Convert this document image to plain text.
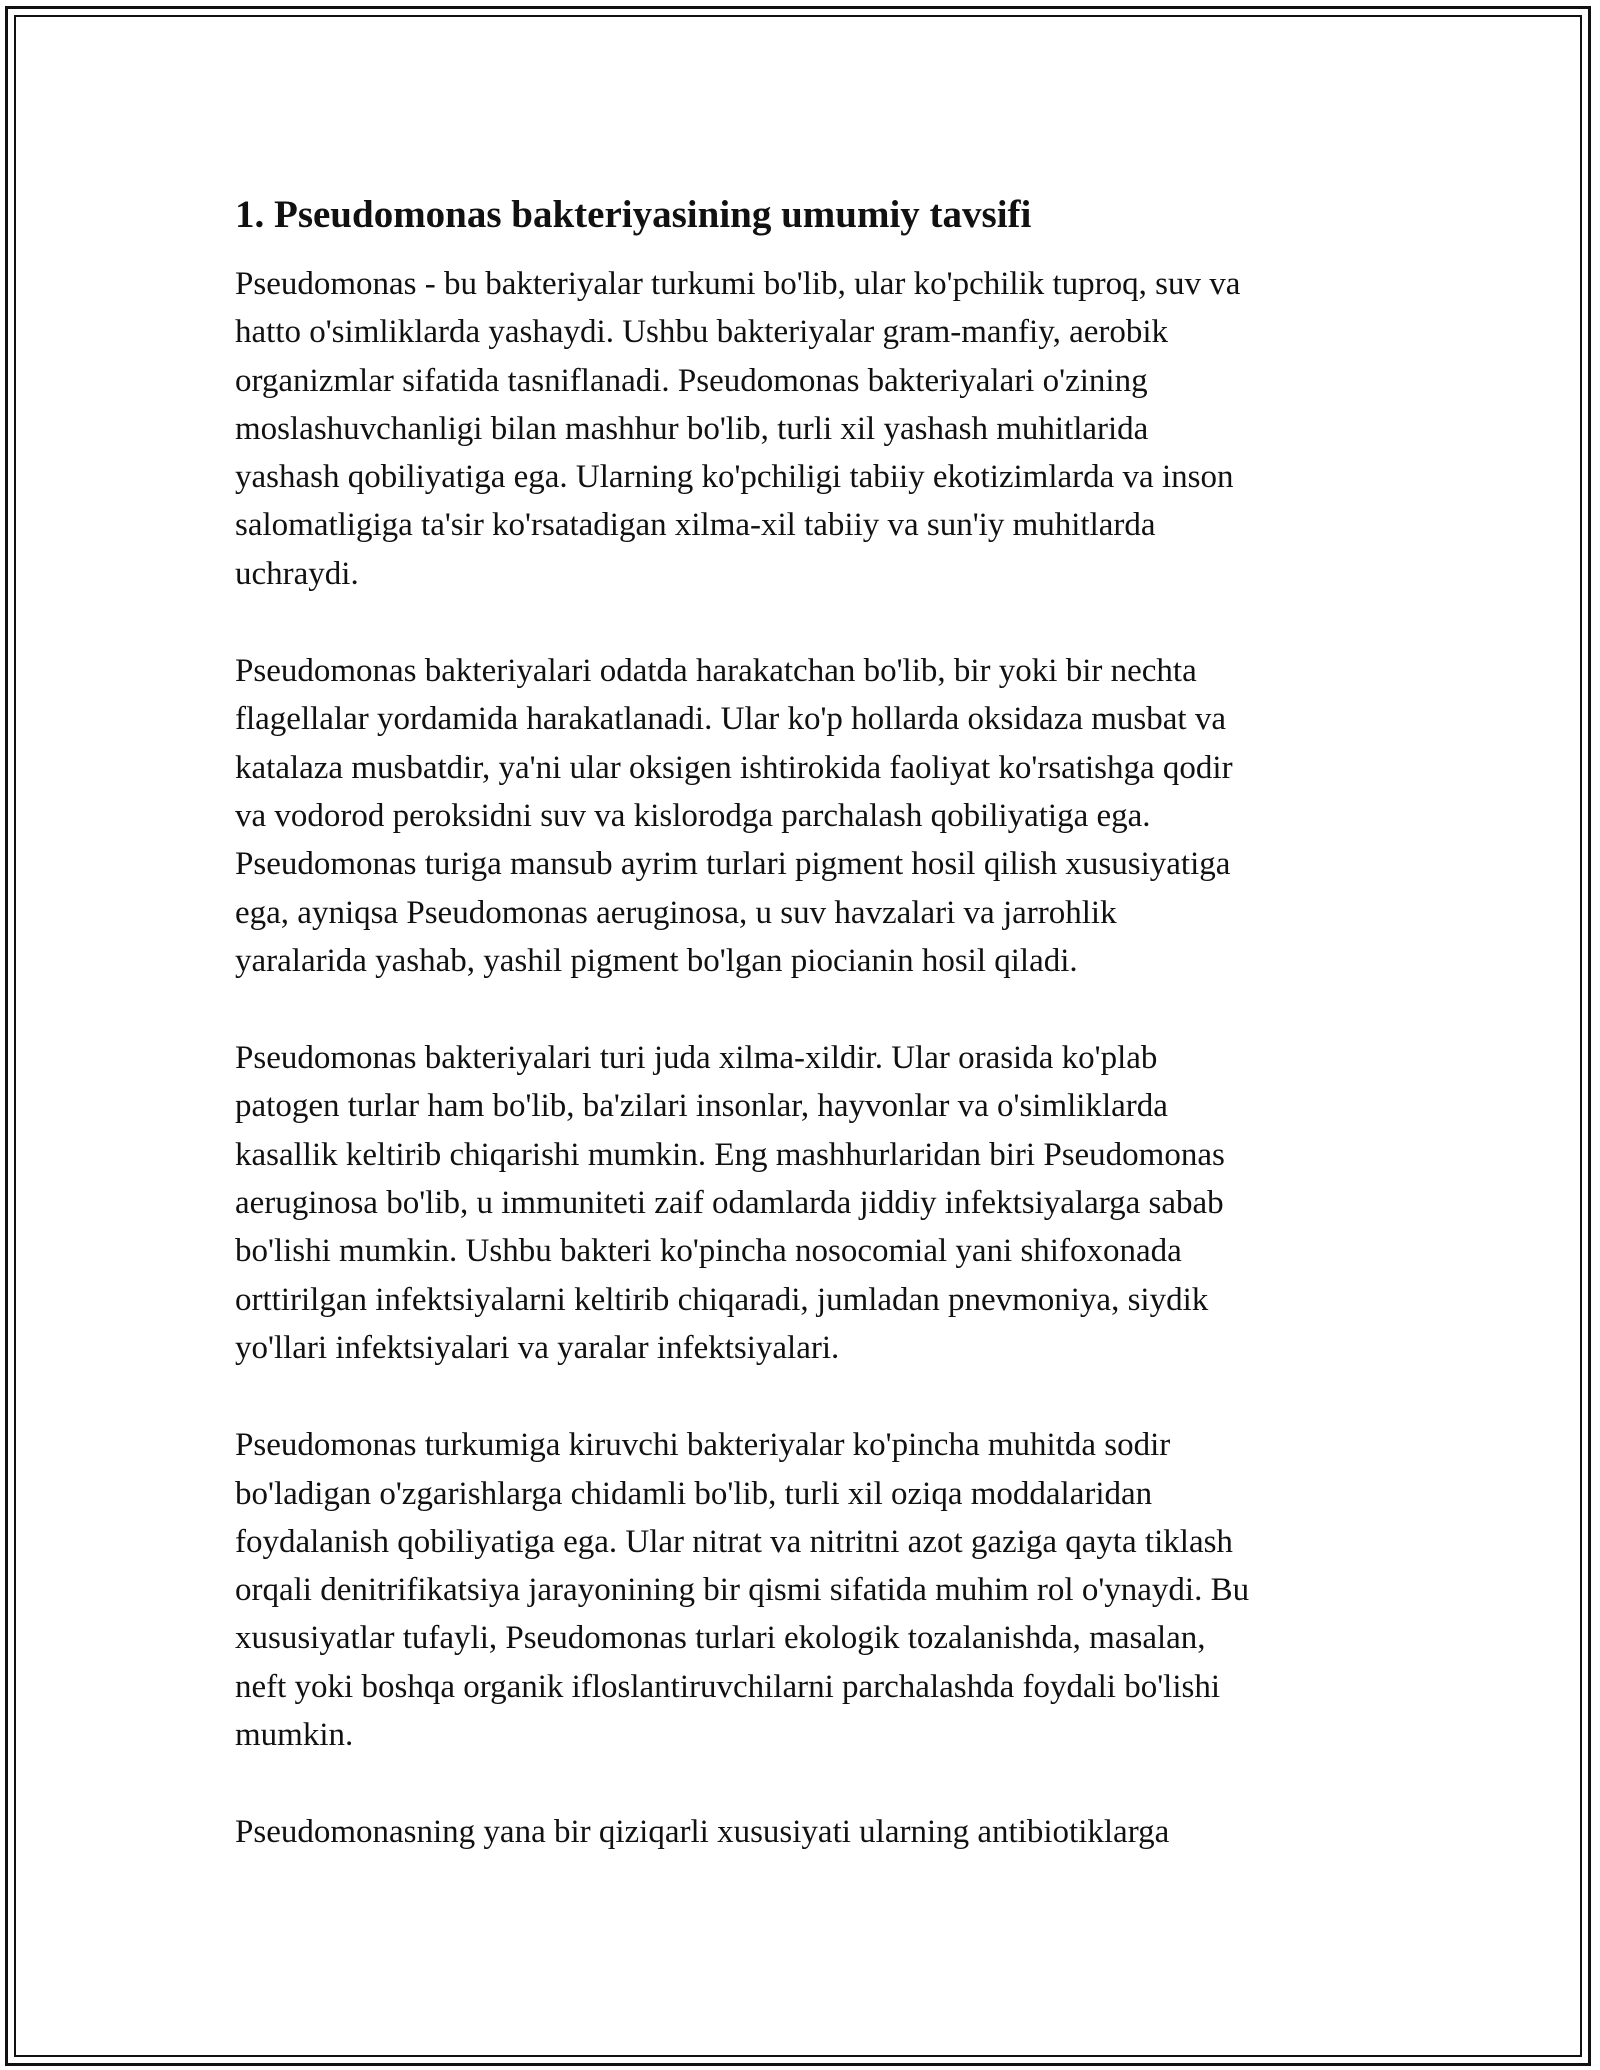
1. Pseudomonas bakteriyasining umumiy tavsifi

Pseudomonas - bu bakteriyalar turkumi bo'lib, ular ko'pchilik tuproq, suv va
hatto o'simliklarda yashaydi. Ushbu bakteriyalar gram-manfiy, aerobik
organizmlar sifatida tasniflanadi. Pseudomonas bakteriyalari o'zining
moslashuvchanligi bilan mashhur bo'lib, turli xil yashash muhitlarida
yashash qobiliyatiga ega. Ularning ko'pchiligi tabiiy ekotizimlarda va inson
salomatligiga ta'sir ko'rsatadigan xilma-xil tabiiy va sun'iy muhitlarda
uchraydi.

Pseudomonas bakteriyalari odatda harakatchan bo'lib, bir yoki bir nechta
flagellalar yordamida harakatlanadi. Ular ko'p hollarda oksidaza musbat va
katalaza musbatdir, ya'ni ular oksigen ishtirokida faoliyat ko'rsatishga qodir
va vodorod peroksidni suv va kislorodga parchalash qobiliyatiga ega.
Pseudomonas turiga mansub ayrim turlari pigment hosil qilish xususiyatiga
ega, ayniqsa Pseudomonas aeruginosa, u suv havzalari va jarrohlik
yaralarida yashab, yashil pigment bo'lgan piocianin hosil qiladi.

Pseudomonas bakteriyalari turi juda xilma-xildir. Ular orasida ko'plab
patogen turlar ham bo'lib, ba'zilari insonlar, hayvonlar va o'simliklarda
kasallik keltirib chiqarishi mumkin. Eng mashhurlaridan biri Pseudomonas
aeruginosa bo'lib, u immuniteti zaif odamlarda jiddiy infektsiyalarga sabab
bo'lishi mumkin. Ushbu bakteri ko'pincha nosocomial yani shifoxonada
orttirilgan infektsiyalarni keltirib chiqaradi, jumladan pnevmoniya, siydik
yo'llari infektsiyalari va yaralar infektsiyalari.

Pseudomonas turkumiga kiruvchi bakteriyalar ko'pincha muhitda sodir
bo'ladigan o'zgarishlarga chidamli bo'lib, turli xil oziqa moddalaridan
foydalanish qobiliyatiga ega. Ular nitrat va nitritni azot gaziga qayta tiklash
orqali denitrifikatsiya jarayonining bir qismi sifatida muhim rol o'ynaydi. Bu
xususiyatlar tufayli, Pseudomonas turlari ekologik tozalanishda, masalan,
neft yoki boshqa organik ifloslantiruvchilarni parchalashda foydali bo'lishi
mumkin.

Pseudomonasning yana bir qiziqarli xususiyati ularning antibiotiklarga
